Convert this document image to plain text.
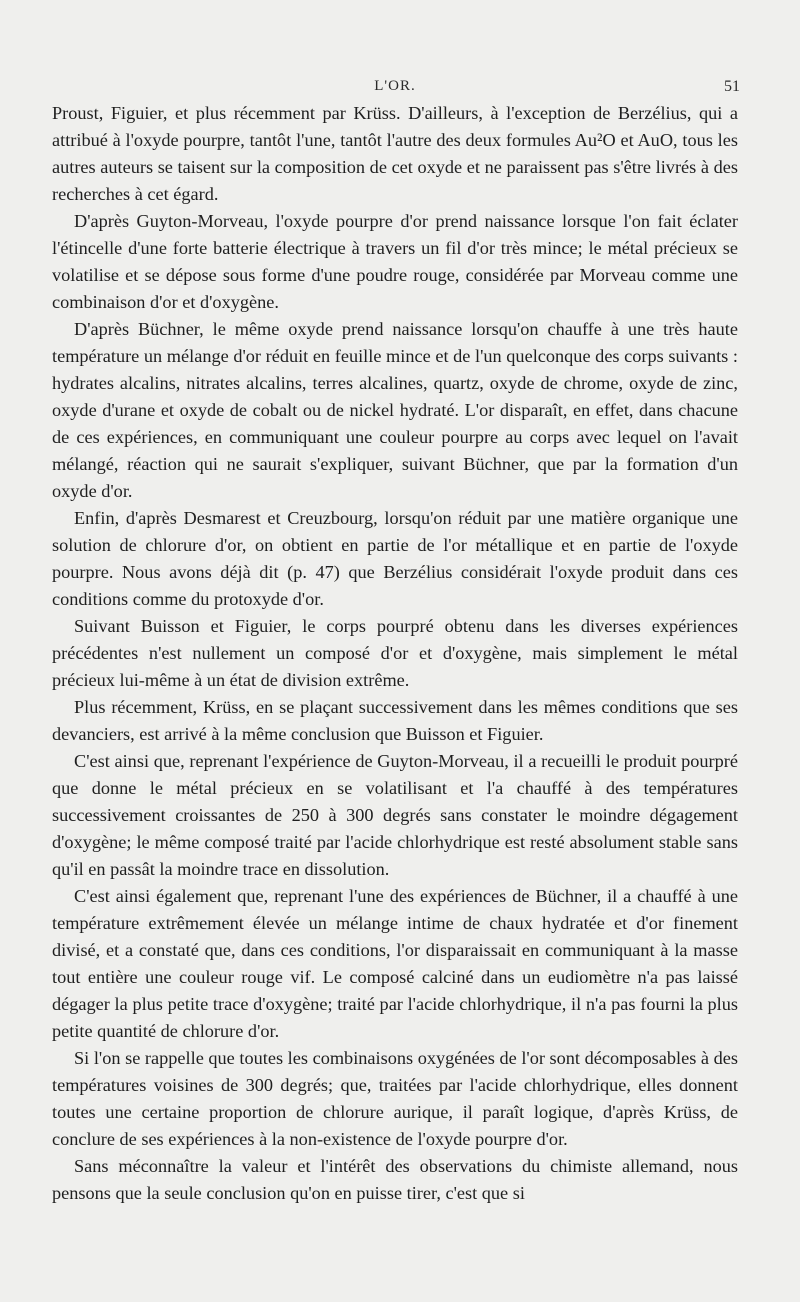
L'OR.	51

Proust, Figuier, et plus récemment par Krüss. D'ailleurs, à l'exception de Berzélius, qui a attribué à l'oxyde pourpre, tantôt l'une, tantôt l'autre des deux formules Au²O et AuO, tous les autres auteurs se taisent sur la composition de cet oxyde et ne paraissent pas s'être livrés à des recherches à cet égard.

D'après Guyton-Morveau, l'oxyde pourpre d'or prend naissance lorsque l'on fait éclater l'étincelle d'une forte batterie électrique à travers un fil d'or très mince; le métal précieux se volatilise et se dépose sous forme d'une poudre rouge, considérée par Morveau comme une combinaison d'or et d'oxygène.

D'après Büchner, le même oxyde prend naissance lorsqu'on chauffe à une très haute température un mélange d'or réduit en feuille mince et de l'un quelconque des corps suivants : hydrates alcalins, nitrates alcalins, terres alcalines, quartz, oxyde de chrome, oxyde de zinc, oxyde d'urane et oxyde de cobalt ou de nickel hydraté. L'or disparaît, en effet, dans chacune de ces expériences, en communiquant une couleur pourpre au corps avec lequel on l'avait mélangé, réaction qui ne saurait s'expliquer, suivant Büchner, que par la formation d'un oxyde d'or.

Enfin, d'après Desmarest et Creuzbourg, lorsqu'on réduit par une matière organique une solution de chlorure d'or, on obtient en partie de l'or métallique et en partie de l'oxyde pourpre. Nous avons déjà dit (p. 47) que Berzélius considérait l'oxyde produit dans ces conditions comme du protoxyde d'or.

Suivant Buisson et Figuier, le corps pourpré obtenu dans les diverses expériences précédentes n'est nullement un composé d'or et d'oxygène, mais simplement le métal précieux lui-même à un état de division extrême.

Plus récemment, Krüss, en se plaçant successivement dans les mêmes conditions que ses devanciers, est arrivé à la même conclusion que Buisson et Figuier.

C'est ainsi que, reprenant l'expérience de Guyton-Morveau, il a recueilli le produit pourpré que donne le métal précieux en se volatilisant et l'a chauffé à des températures successivement croissantes de 250 à 300 degrés sans constater le moindre dégagement d'oxygène; le même composé traité par l'acide chlorhydrique est resté absolument stable sans qu'il en passât la moindre trace en dissolution.

C'est ainsi également que, reprenant l'une des expériences de Büchner, il a chauffé à une température extrêmement élevée un mélange intime de chaux hydratée et d'or finement divisé, et a constaté que, dans ces conditions, l'or disparaissait en communiquant à la masse tout entière une couleur rouge vif. Le composé calciné dans un eudiomètre n'a pas laissé dégager la plus petite trace d'oxygène; traité par l'acide chlorhydrique, il n'a pas fourni la plus petite quantité de chlorure d'or.

Si l'on se rappelle que toutes les combinaisons oxygénées de l'or sont décomposables à des températures voisines de 300 degrés; que, traitées par l'acide chlorhydrique, elles donnent toutes une certaine proportion de chlorure aurique, il paraît logique, d'après Krüss, de conclure de ses expériences à la non-existence de l'oxyde pourpre d'or.

Sans méconnaître la valeur et l'intérêt des observations du chimiste allemand, nous pensons que la seule conclusion qu'on en puisse tirer, c'est que si
